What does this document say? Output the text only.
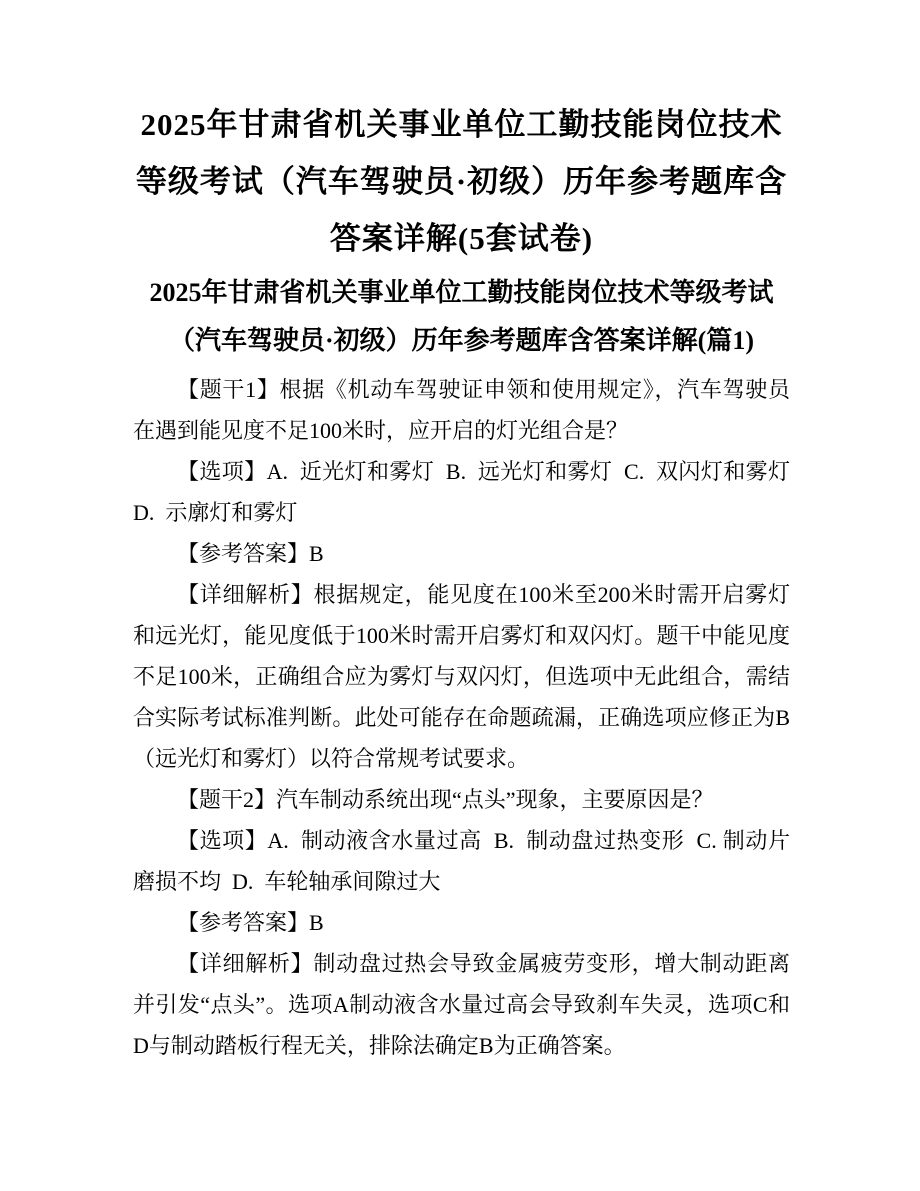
2025年甘肃省机关事业单位工勤技能岗位技术等级考试（汽车驾驶员·初级）历年参考题库含答案详解(5套试卷)
2025年甘肃省机关事业单位工勤技能岗位技术等级考试（汽车驾驶员·初级）历年参考题库含答案详解(篇1)

【题干1】根据《机动车驾驶证申领和使用规定》，汽车驾驶员在遇到能见度不足100米时，应开启的灯光组合是？

【选项】A.  近光灯和雾灯  B.  远光灯和雾灯  C.  双闪灯和雾灯 D.  示廓灯和雾灯

【参考答案】B

【详细解析】根据规定，能见度在100米至200米时需开启雾灯和远光灯，能见度低于100米时需开启雾灯和双闪灯。题干中能见度不足100米，正确组合应为雾灯与双闪灯，但选项中无此组合，需结合实际考试标准判断。此处可能存在命题疏漏，正确选项应修正为B（远光灯和雾灯）以符合常规考试要求。

【题干2】汽车制动系统出现“点头”现象，主要原因是？

【选项】A.  制动液含水量过高  B.  制动盘过热变形  C. 制动片磨损不均  D.  车轮轴承间隙过大

【参考答案】B

【详细解析】制动盘过热会导致金属疲劳变形，增大制动距离并引发“点头”。选项A制动液含水量过高会导致刹车失灵，选项C和D与制动踏板行程无关，排除法确定B为正确答案。
